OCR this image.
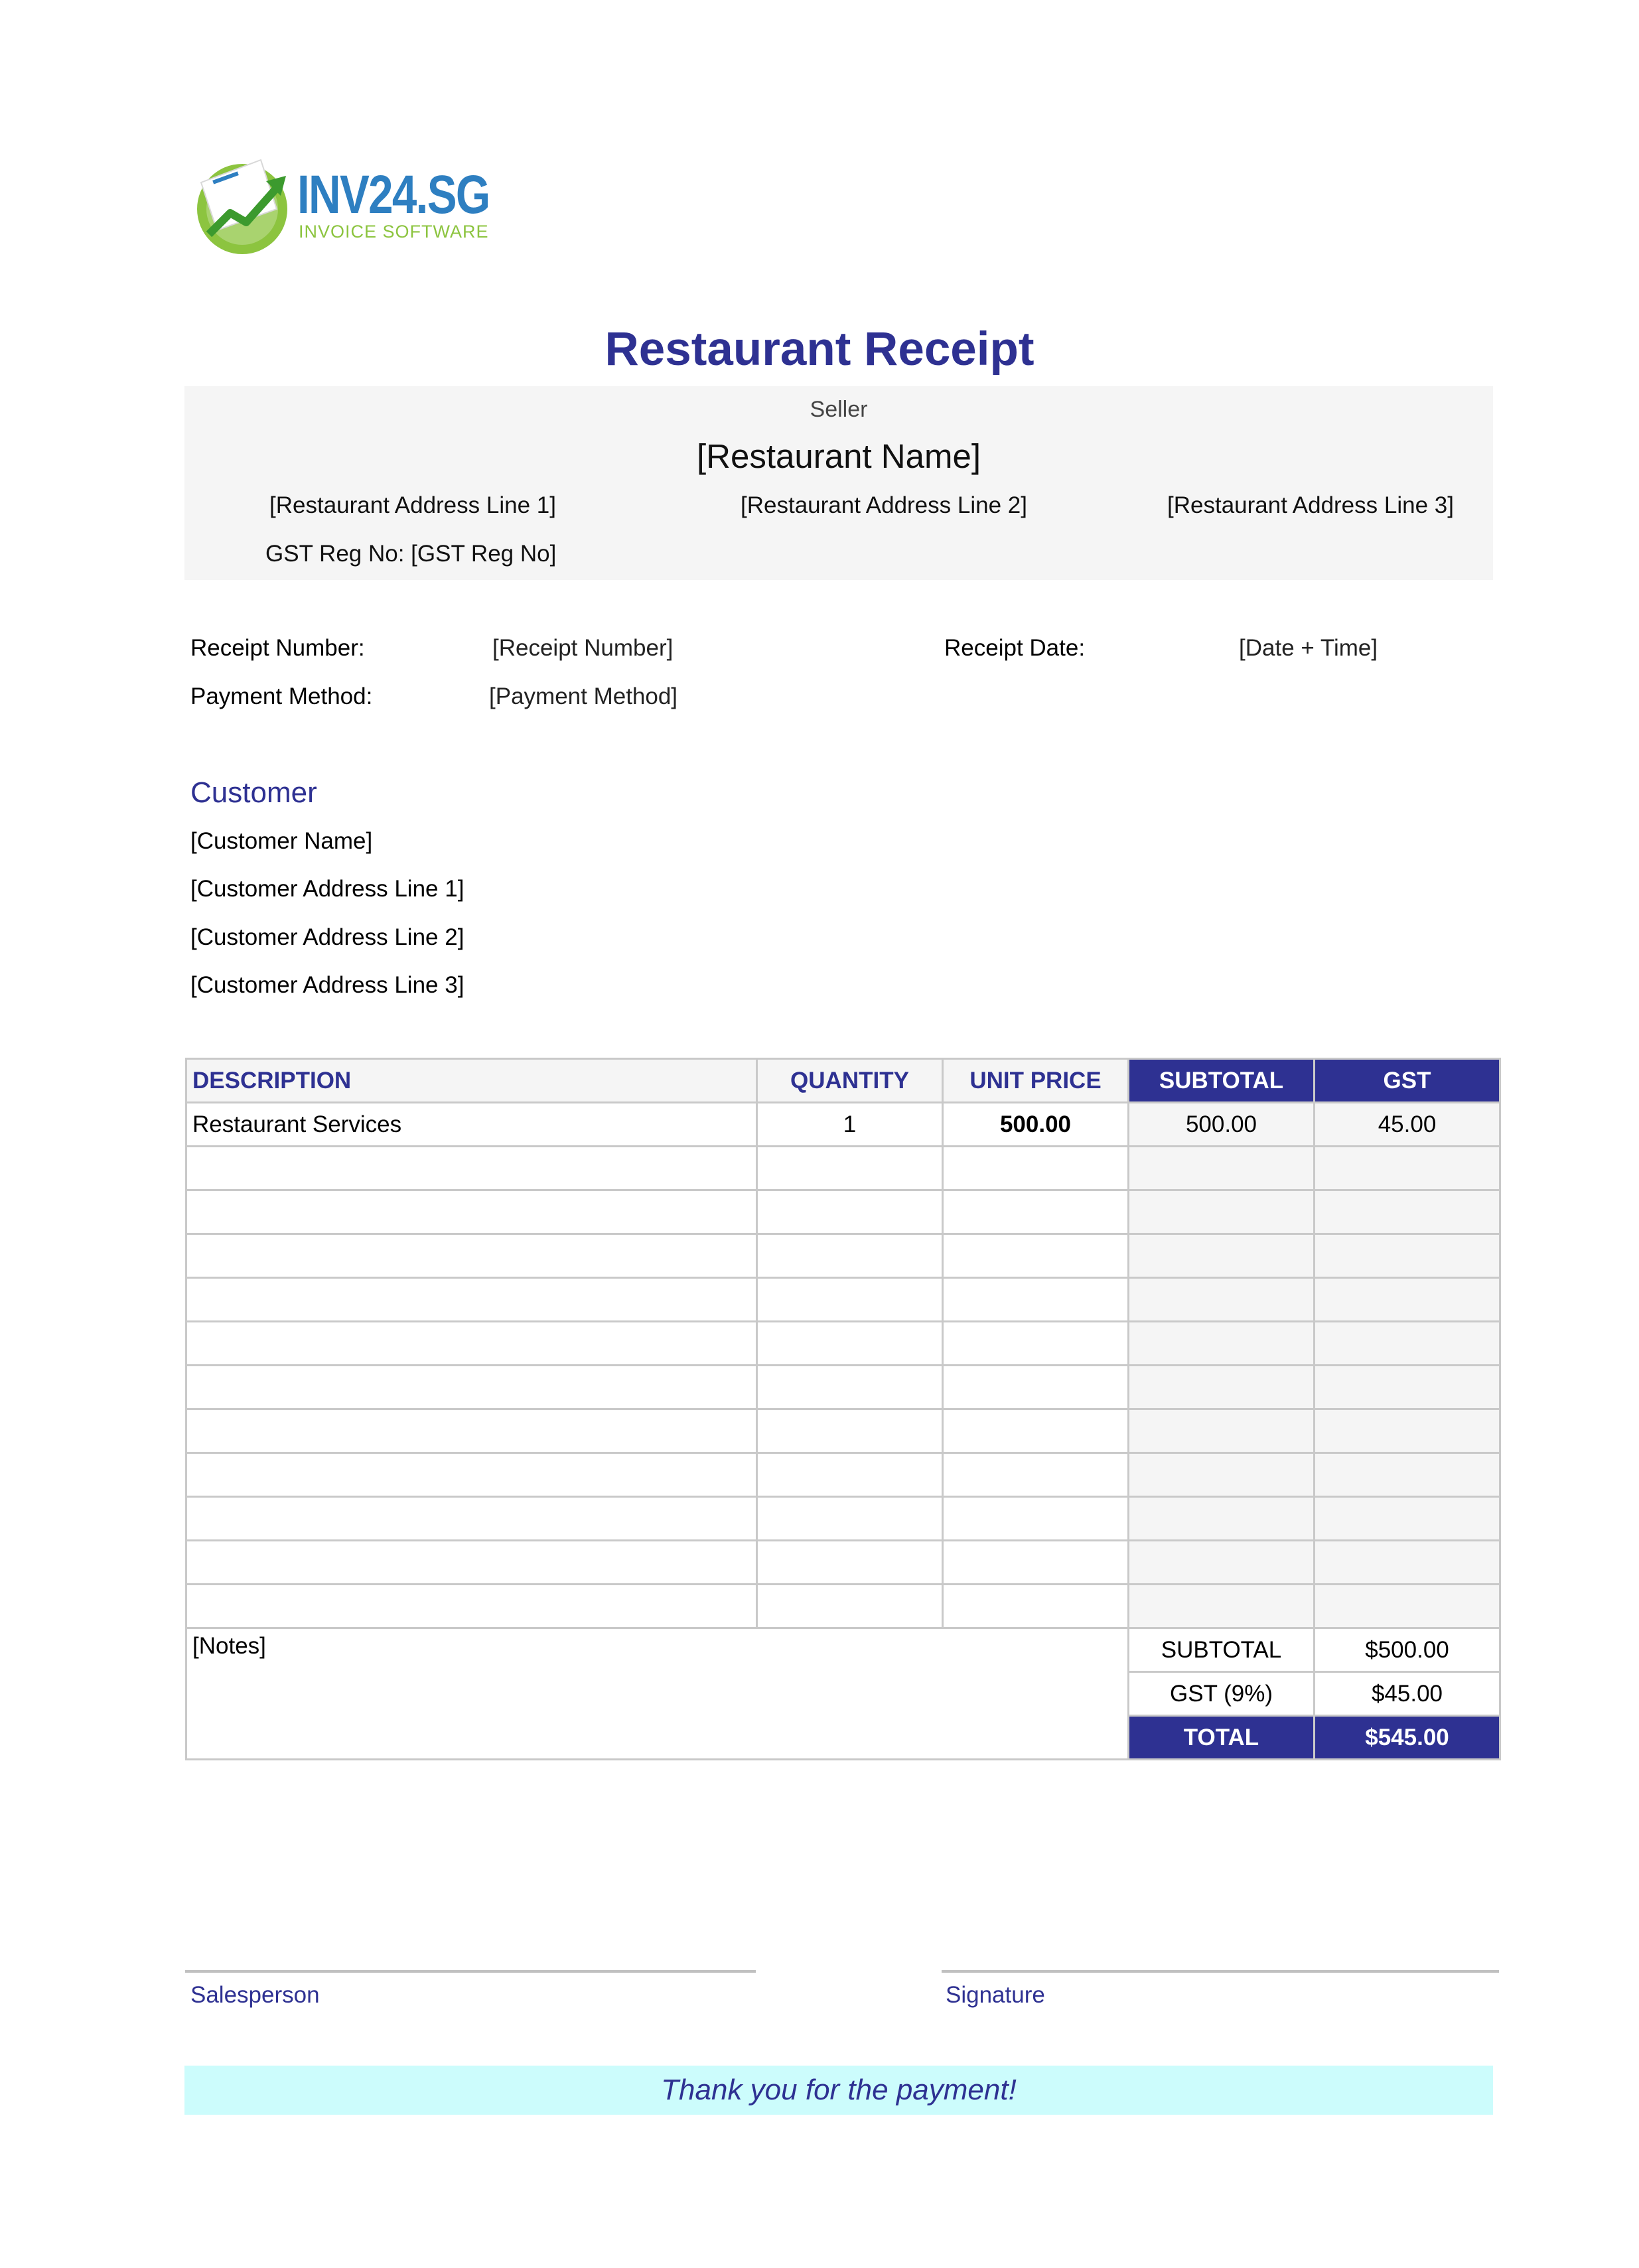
INV24.SG
INVOICE SOFTWARE
Restaurant Receipt
Seller
[Restaurant Name]
[Restaurant Address Line 1]	[Restaurant Address Line 2]	[Restaurant Address Line 3]
GST Reg No: [GST Reg No]
Receipt Number:	[Receipt Number]	Receipt Date:	[Date + Time]
Payment Method:	[Payment Method]
Customer
[Customer Name]
[Customer Address Line 1]
[Customer Address Line 2]
[Customer Address Line 3]
DESCRIPTION	QUANTITY	UNIT PRICE	SUBTOTAL	GST
Restaurant Services	1	500.00	500.00	45.00

[Notes]			SUBTOTAL	$500.00
			GST (9%)	$45.00
			TOTAL	$545.00
Salesperson	Signature
Thank you for the payment!
